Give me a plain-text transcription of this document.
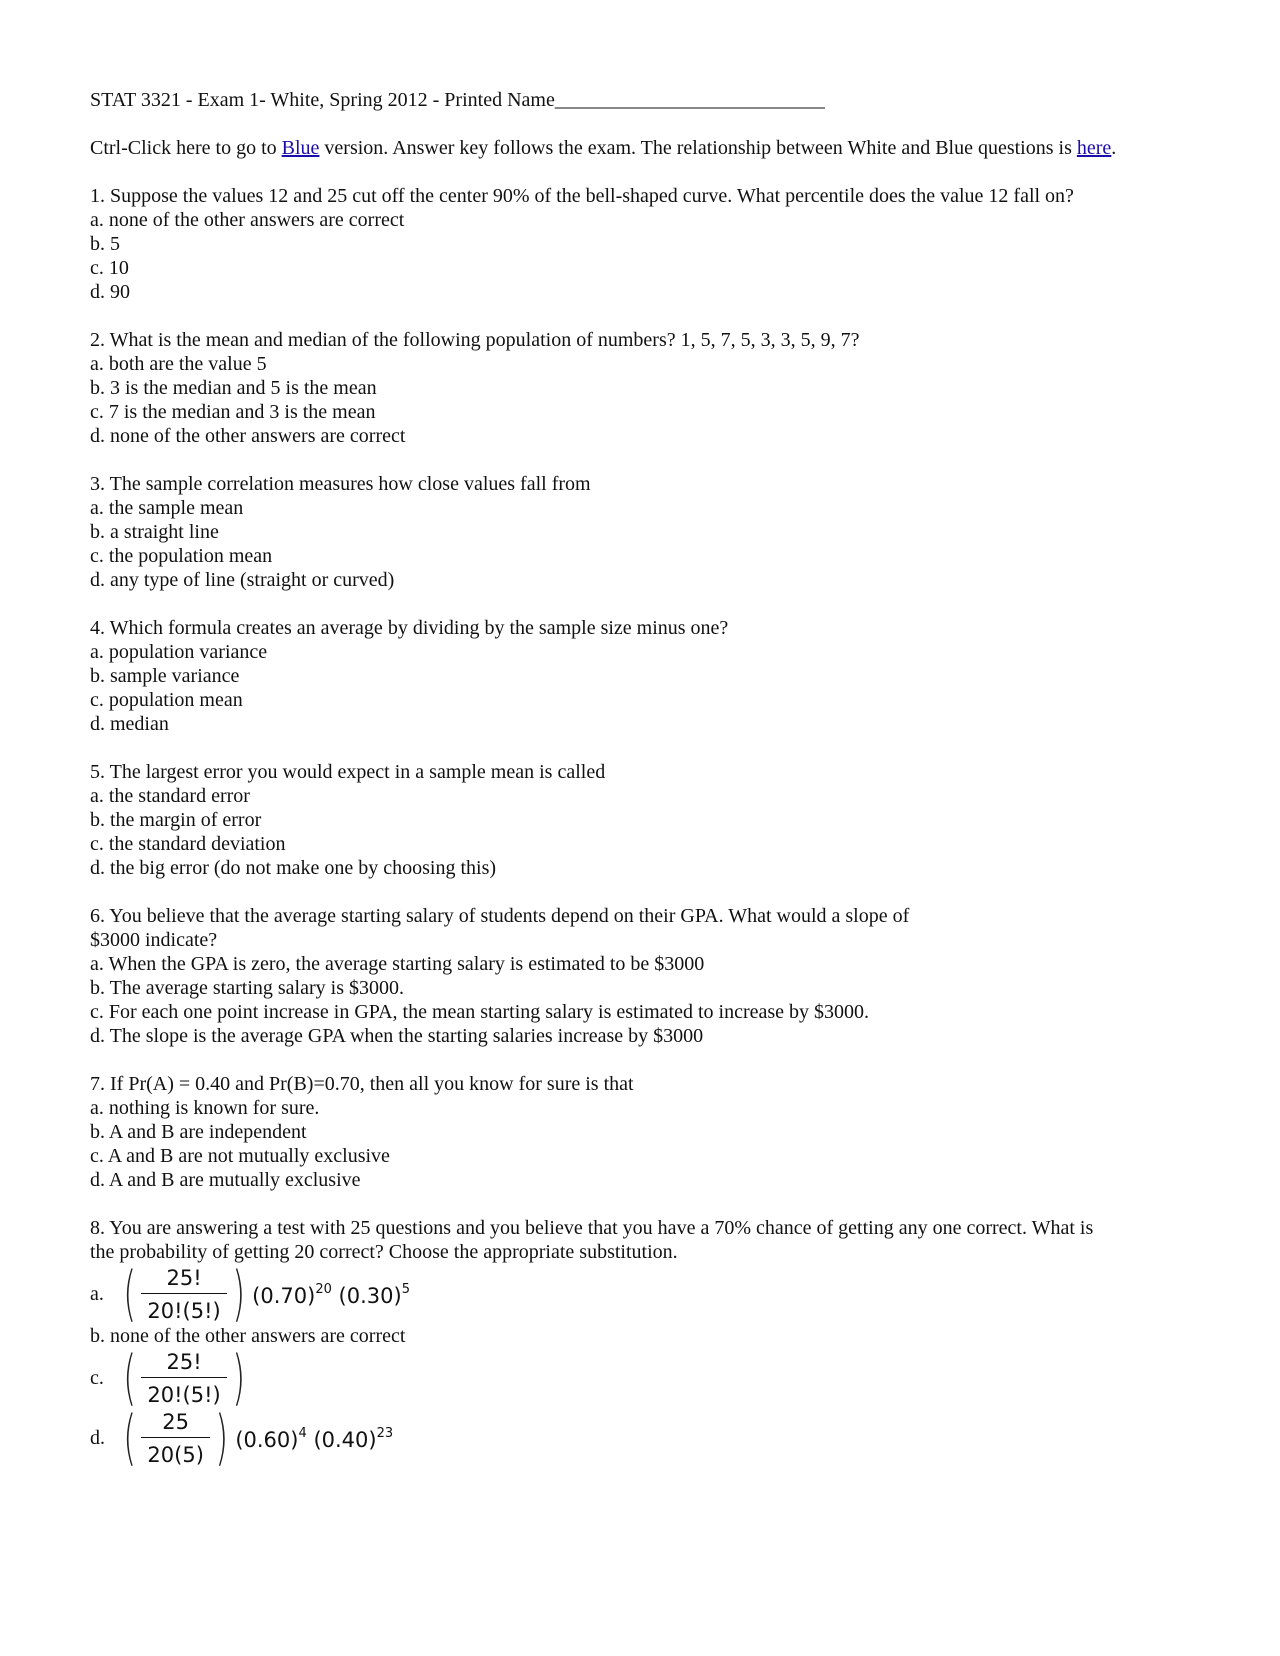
STAT 3321 - Exam 1- White, Spring 2012 - Printed Name___________________________
Ctrl-Click here to go to Blue version. Answer key follows the exam. The relationship between White and Blue questions is here.
1. Suppose the values 12 and 25 cut off the center 90% of the bell-shaped curve. What percentile does the value 12 fall on?
a. none of the other answers are correct
b. 5
c. 10
d. 90
2. What is the mean and median of the following population of numbers? 1, 5, 7, 5, 3, 3, 5, 9, 7?
a. both are the value 5
b. 3 is the median and 5 is the mean
c. 7 is the median and 3 is the mean
d. none of the other answers are correct
3. The sample correlation measures how close values fall from
a. the sample mean
b. a straight line
c. the population mean
d. any type of line (straight or curved)
4. Which formula creates an average by dividing by the sample size minus one?
a. population variance
b. sample variance
c. population mean
d. median
5. The largest error you would expect in a sample mean is called
a. the standard error
b. the margin of error
c. the standard deviation
d. the big error (do not make one by choosing this)
6. You believe that the average starting salary of students depend on their GPA. What would a slope of
$3000 indicate?
a. When the GPA is zero, the average starting salary is estimated to be $3000
b. The average starting salary is $3000.
c. For each one point increase in GPA, the mean starting salary is estimated to increase by $3000.
d. The slope is the average GPA when the starting salaries increase by $3000
7. If Pr(A) = 0.40 and Pr(B)=0.70, then all you know for sure is that
a. nothing is known for sure.
b. A and B are independent
c. A and B are not mutually exclusive
d. A and B are mutually exclusive
8. You are answering a test with 25 questions and you believe that you have a 70% chance of getting any one correct. What is
the probability of getting 20 correct? Choose the appropriate substitution.
a. ( $\frac{25!}{20!(5!)}$ ) $(0.70)^{20}$ $(0.30)^5$
b. none of the other answers are correct
c. ( $\frac{25!}{20!(5!)}$ )
d. ( $\frac{25}{20(5)}$ ) $(0.60)^4$ $(0.40)^{23}$
